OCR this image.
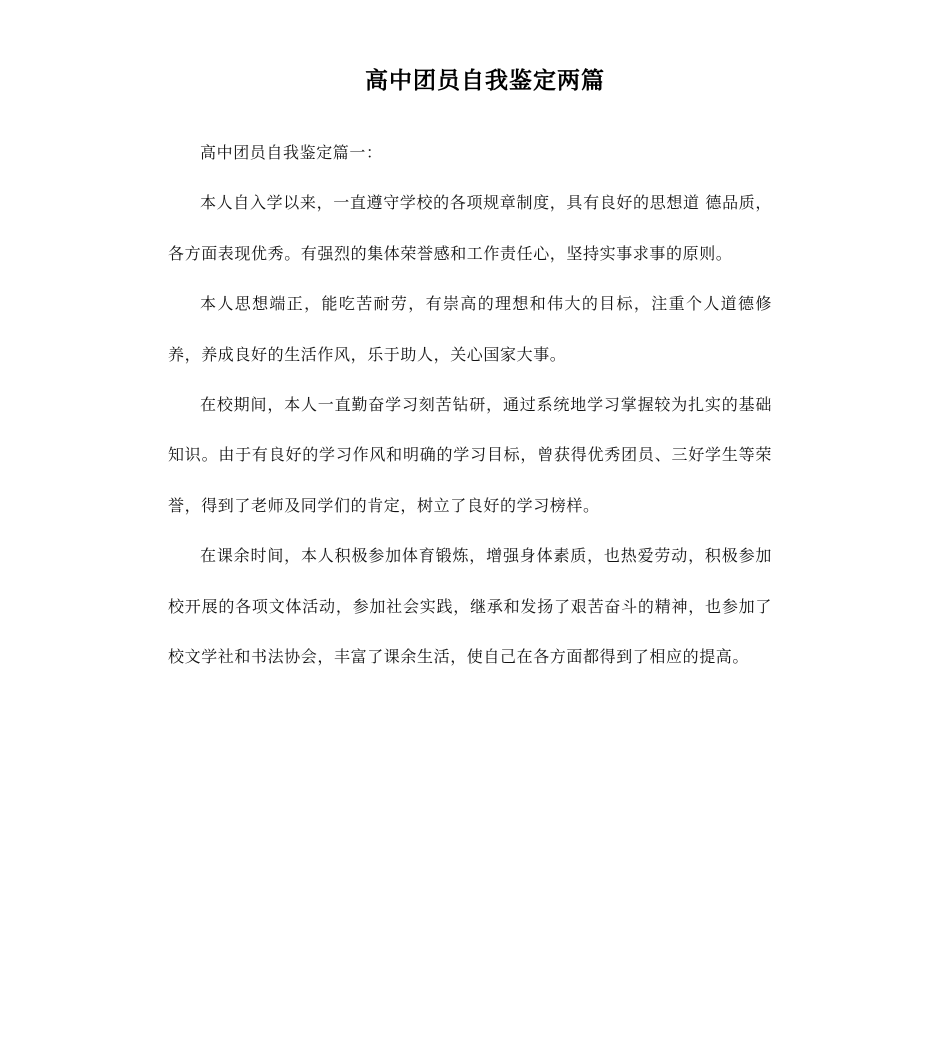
高中团员自我鉴定两篇

高中团员自我鉴定篇一：

本人自入学以来，一直遵守学校的各项规章制度，具有良好的思想道 德品质，各方面表现优秀。有强烈的集体荣誉感和工作责任心，坚持实事求事的原则。

本人思想端正，能吃苦耐劳，有崇高的理想和伟大的目标，注重个人道德修养，养成良好的生活作风，乐于助人，关心国家大事。

在校期间，本人一直勤奋学习刻苦钻研，通过系统地学习掌握较为扎实的基础知识。由于有良好的学习作风和明确的学习目标，曾获得优秀团员、三好学生等荣誉，得到了老师及同学们的肯定，树立了良好的学习榜样。

在课余时间，本人积极参加体育锻炼，增强身体素质，也热爱劳动，积极参加校开展的各项文体活动，参加社会实践，继承和发扬了艰苦奋斗的精神，也参加了校文学社和书法协会，丰富了课余生活，使自己在各方面都得到了相应的提高。
